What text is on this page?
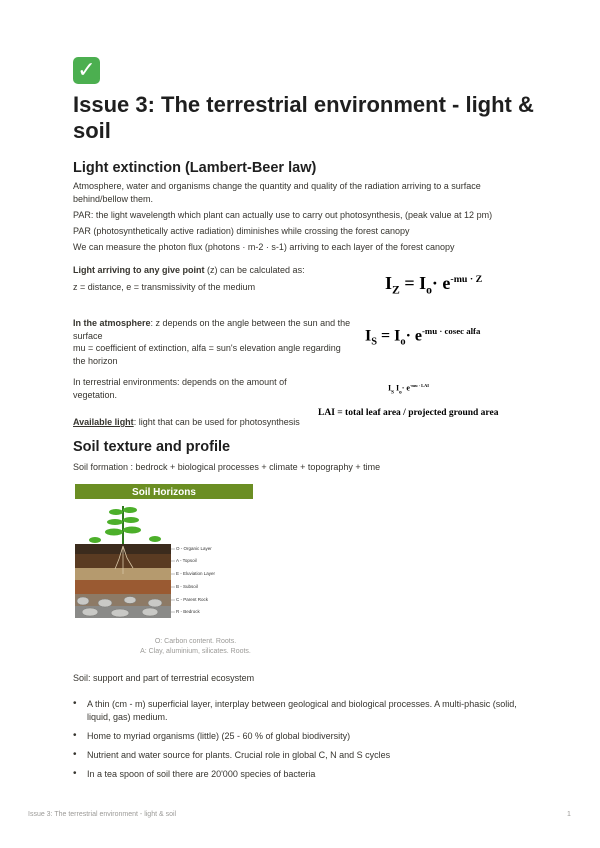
✓
Issue 3: The terrestrial environment - light & soil
Light extinction (Lambert-Beer law)

Atmosphere, water and organisms change the quantity and quality of the radiation arriving to a surface behind/bellow them.

PAR: the light wavelength which plant can actually use to carry out photosynthesis, (peak value at 12 pm)

PAR (photosynthetically active radiation) diminishes while crossing the forest canopy

We can measure the photon flux (photons · m-2 · s-1) arriving to each layer of the forest canopy

Light arriving to any give point (z) can be calculated as:

z = distance, e = transmissivity of the medium

In the atmosphere: z depends on the angle between the sun and the surface

mu = coefficient of extinction, alfa = sun's elevation angle regarding the horizon

In terrestrial environments: depends on the amount of vegetation.

Available light: light that can be used for photosynthesis

$I_Z = I_o\cdot e^{-mu \cdot Z}$
$I_S = I_o\cdot e^{-mu \cdot cosec alfa}$
$I_S$ $I_o\cdot e^{-mu \cdot LAI}$
LAI = total leaf area / projected ground area
Soil texture and profile

Soil formation : bedrock + biological processes + climate + topography + time

Soil Horizons
O - Organic Layer
A - Topsoil
E - Eluviation Layer
B - Subsoil
C - Parent Rock
R - Bedrock
O: Carbon content. Roots.
A: Clay, aluminium, silicates. Roots.

Soil: support and part of terrestrial ecosystem

• A thin (cm - m) superficial layer, interplay between geological and biological processes. A multi-phasic (solid, liquid, gas) medium.
• Home to myriad organisms (little) (25 - 60 % of global biodiversity)
• Nutrient and water source for plants. Crucial role in global C, N and S cycles
• In a tea spoon of soil there are 20'000 species of bacteria
Issue 3: The terrestrial environment - light & soil	1
